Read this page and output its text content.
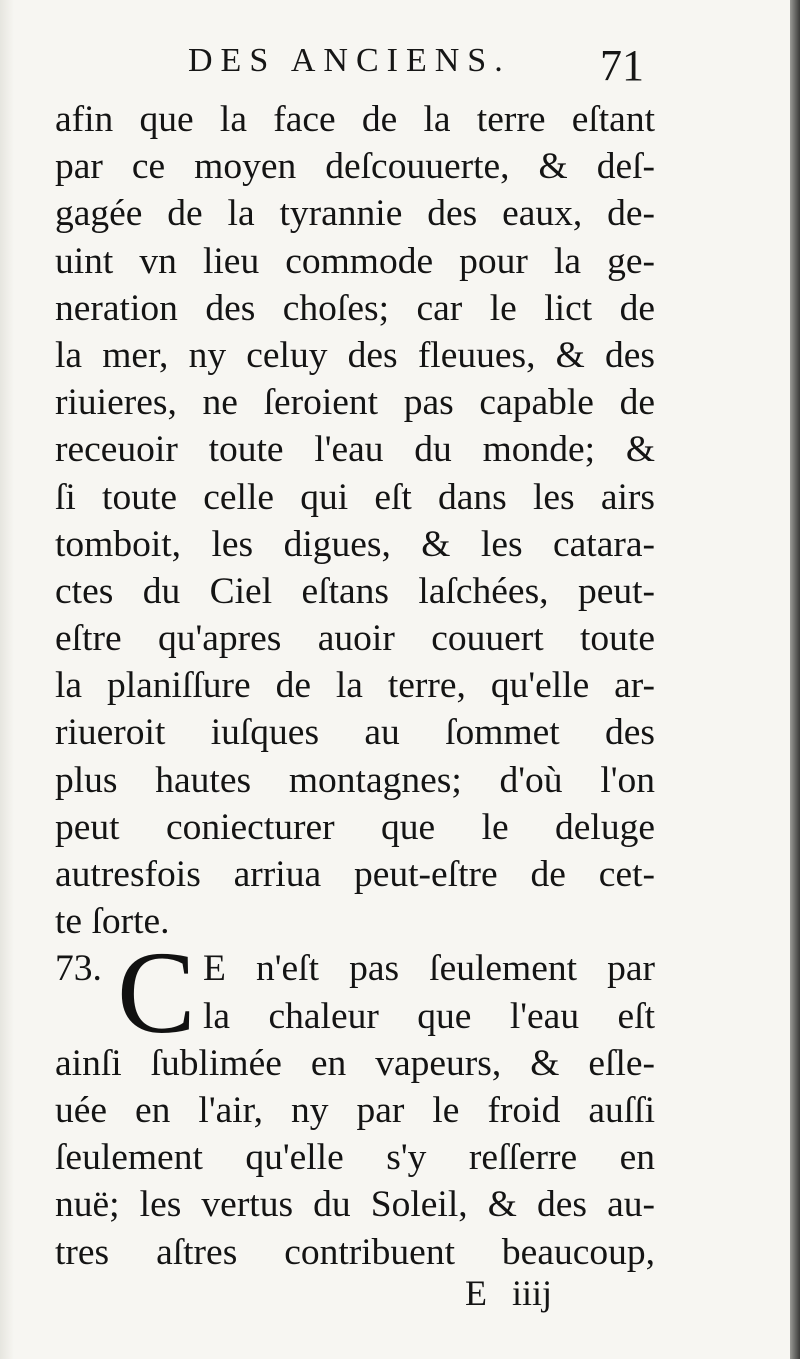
DES ANCIENS. 71
afin que la face de la terre eſtant
par ce moyen deſcouuerte, & deſ-
gagée de la tyrannie des eaux, de-
uint vn lieu commode pour la ge-
neration des choſes; car le lict de
la mer, ny celuy des fleuues, & des
riuieres, ne ſeroient pas capable de
receuoir toute l'eau du monde; &
ſi toute celle qui eſt dans les airs
tomboit, les digues, & les catara-
ctes du Ciel eſtans laſchées, peut-
eſtre qu'apres auoir couuert toute
la planiſſure de la terre, qu'elle ar-
riueroit iuſques au ſommet des
plus hautes montagnes; d'où l'on
peut coniecturer que le deluge
autresfois arriua peut-eſtre de cet-
te ſorte.
73. C E n'eſt pas ſeulement par
la chaleur que l'eau eſt
ainſi ſublimée en vapeurs, & eſle-
uée en l'air, ny par le froid auſſi
ſeulement qu'elle s'y reſſerre en
nuë; les vertus du Soleil, & des au-
tres aſtres contribuent beaucoup,
E iiij
